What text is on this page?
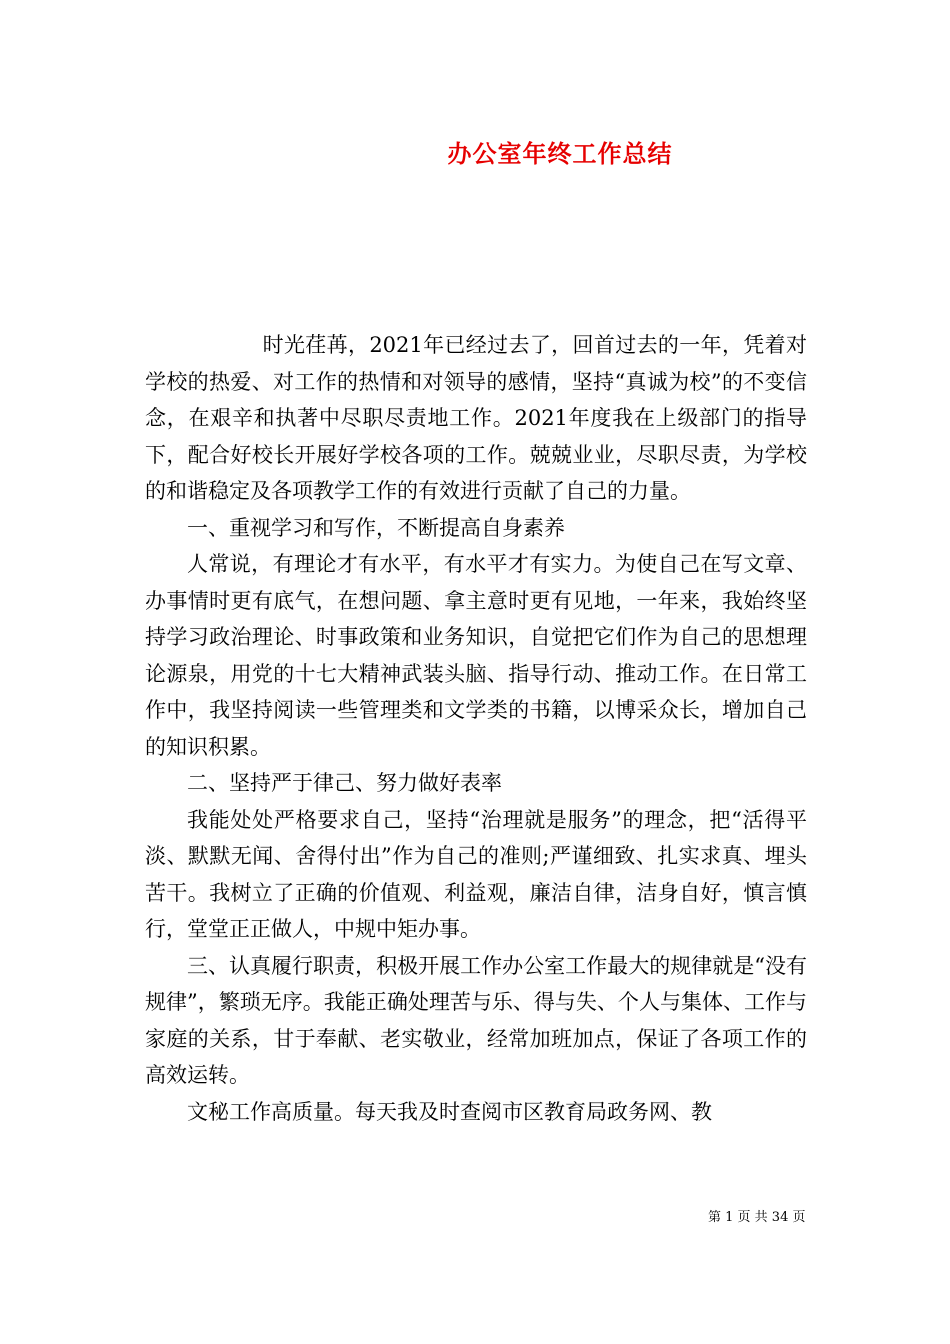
办公室年终工作总结

时光荏苒，2021年已经过去了，回首过去的一年，凭着对学校的热爱、对工作的热情和对领导的感情，坚持“真诚为校”的不变信念，在艰辛和执著中尽职尽责地工作。2021年度我在上级部门的指导下，配合好校长开展好学校各项的工作。兢兢业业，尽职尽责，为学校的和谐稳定及各项教学工作的有效进行贡献了自己的力量。

一、重视学习和写作，不断提高自身素养

人常说，有理论才有水平，有水平才有实力。为使自己在写文章、办事情时更有底气，在想问题、拿主意时更有见地，一年来，我始终坚持学习政治理论、时事政策和业务知识，自觉把它们作为自己的思想理论源泉，用党的十七大精神武装头脑、指导行动、推动工作。在日常工作中，我坚持阅读一些管理类和文学类的书籍，以博采众长，增加自己的知识积累。

二、坚持严于律己、努力做好表率

我能处处严格要求自己，坚持“治理就是服务”的理念，把“活得平淡、默默无闻、舍得付出”作为自己的准则;严谨细致、扎实求真、埋头苦干。我树立了正确的价值观、利益观，廉洁自律，洁身自好，慎言慎行，堂堂正正做人，中规中矩办事。

三、认真履行职责，积极开展工作办公室工作最大的规律就是“没有规律”，繁琐无序。我能正确处理苦与乐、得与失、个人与集体、工作与家庭的关系，甘于奉献、老实敬业，经常加班加点，保证了各项工作的高效运转。

文秘工作高质量。每天我及时查阅市区教育局政务网、教

第 1 页 共 34 页
